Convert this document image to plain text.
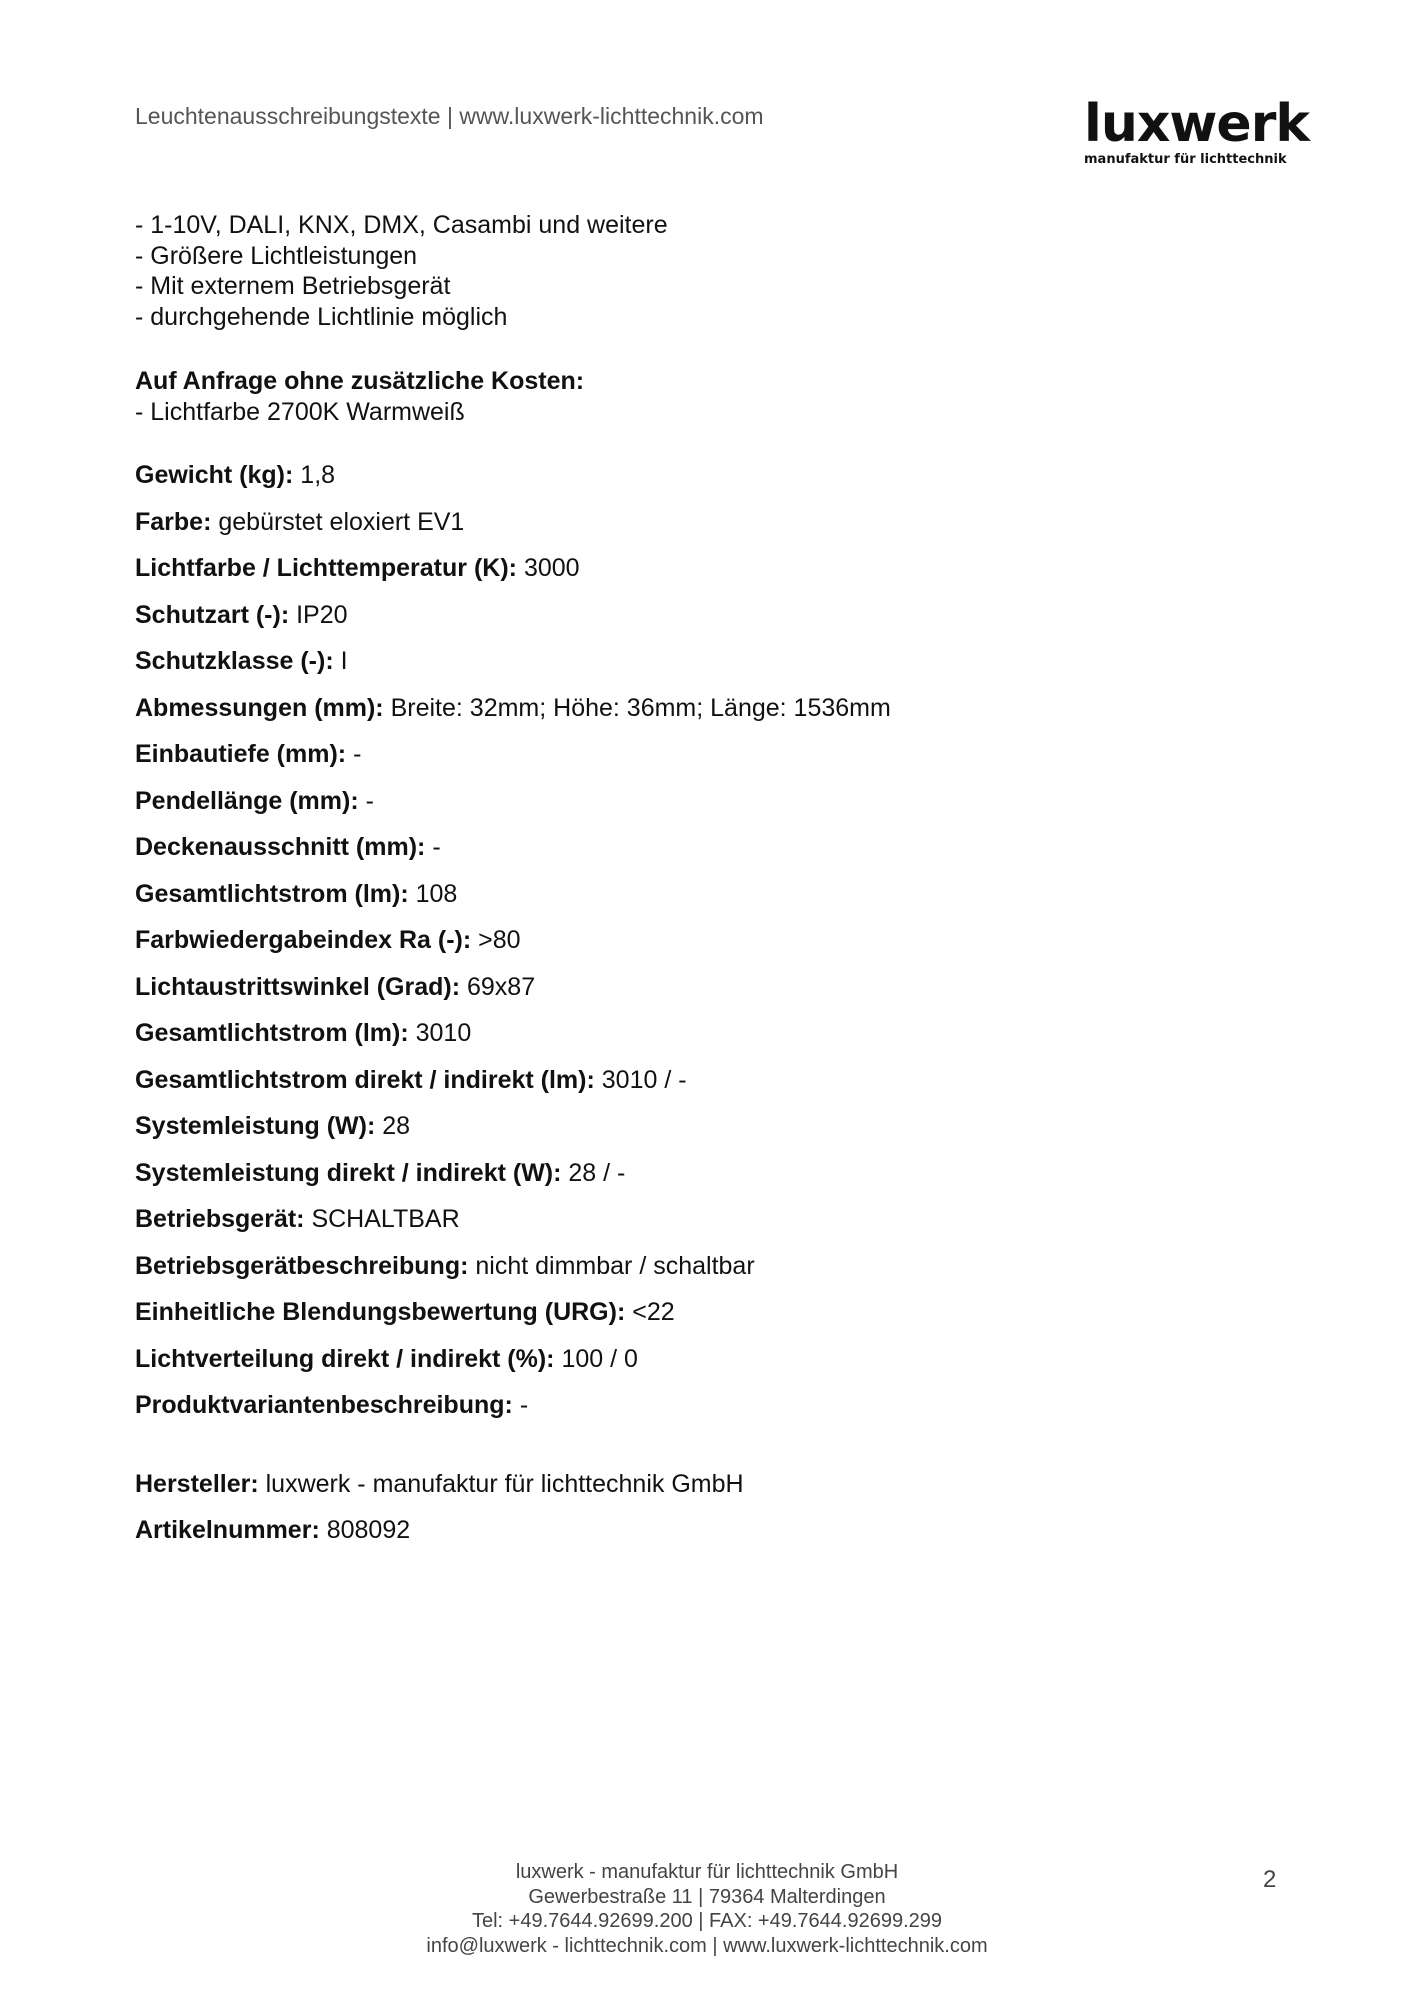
Leuchtenausschreibungstexte | www.luxwerk-lichttechnik.com	luxwerk
manufaktur für lichttechnik
- 1-10V, DALI, KNX, DMX, Casambi und weitere
- Größere Lichtleistungen
- Mit externem Betriebsgerät
- durchgehende Lichtlinie möglich
Auf Anfrage ohne zusätzliche Kosten:
- Lichtfarbe 2700K Warmweiß
Gewicht (kg): 1,8
Farbe: gebürstet eloxiert EV1
Lichtfarbe / Lichttemperatur (K): 3000
Schutzart (-): IP20
Schutzklasse (-): I
Abmessungen (mm): Breite: 32mm; Höhe: 36mm; Länge: 1536mm
Einbautiefe (mm): -
Pendellänge (mm): -
Deckenausschnitt (mm): -
Gesamtlichtstrom (lm): 108
Farbwiedergabeindex Ra (-): >80
Lichtaustrittswinkel (Grad): 69x87
Gesamtlichtstrom (lm): 3010
Gesamtlichtstrom direkt / indirekt (lm): 3010 / -
Systemleistung (W): 28
Systemleistung direkt / indirekt (W): 28 / -
Betriebsgerät: SCHALTBAR
Betriebsgerätbeschreibung: nicht dimmbar / schaltbar
Einheitliche Blendungsbewertung (URG): <22
Lichtverteilung direkt / indirekt (%): 100 / 0
Produktvariantenbeschreibung: -
Hersteller: luxwerk - manufaktur für lichttechnik GmbH
Artikelnummer: 808092
luxwerk - manufaktur für lichttechnik GmbH
Gewerbestraße 11 | 79364 Malterdingen
Tel: +49.7644.92699.200 | FAX: +49.7644.92699.299
info@luxwerk - lichttechnik.com | www.luxwerk-lichttechnik.com
2
